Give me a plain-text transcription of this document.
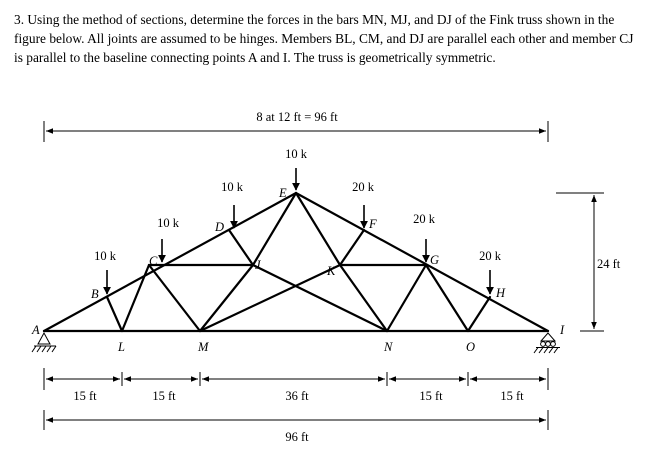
3. Using the method of sections, determine the forces in the bars MN, MJ, and DJ of the Fink truss shown in the figure below. All joints are assumed to be hinges. Members BL, CM, and DJ are parallel each other and member CJ is parallel to the baseline connecting points A and I. The truss is geometrically symmetric.

8 at 12 ft = 96 ft
10 k
10 k
10 k
10 k
20 k
20 k
20 k
A
B
C
D
E
F
G
H
I
J	K
L	M	N	O
24 ft
15 ft	15 ft	36 ft	15 ft	15 ft
96 ft
